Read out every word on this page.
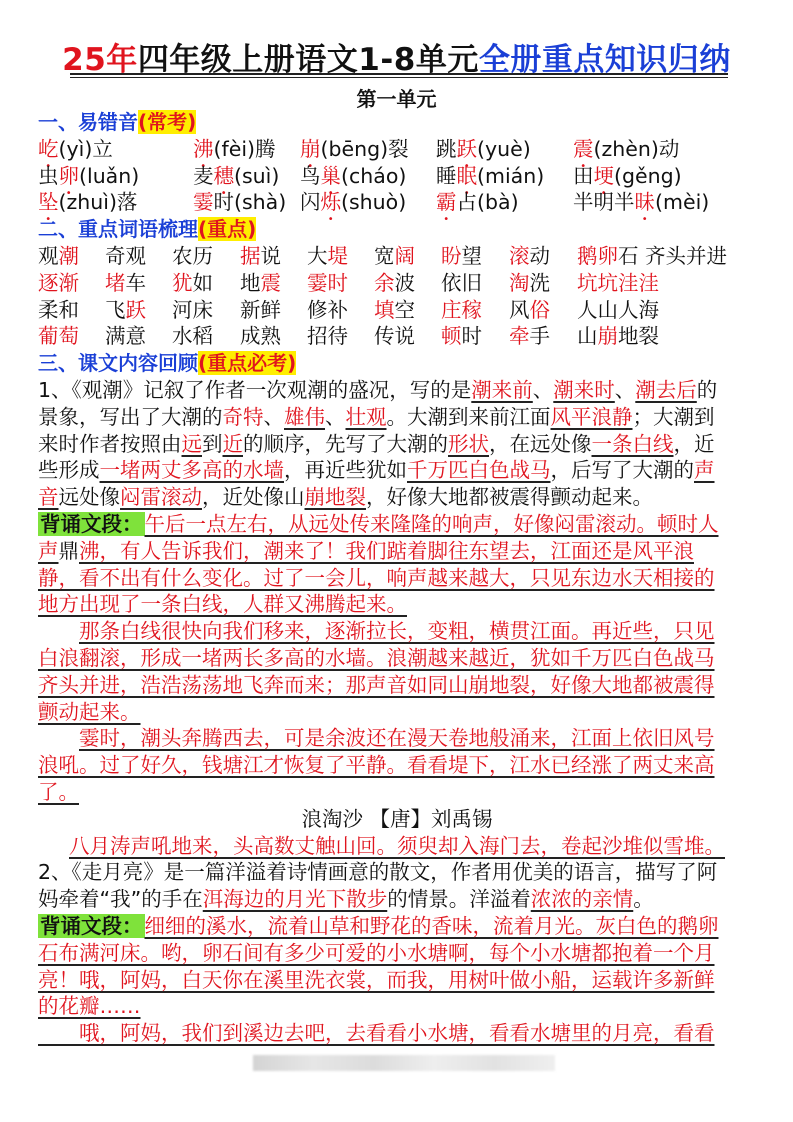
25年四年级上册语文1-8单元全册重点知识归纳
第一单元
一、易错音(常考)
屹(yì)立	沸(fèi)腾 崩(bēng)裂 跳跃(yuè) 震(zhèn)动
虫卵(luǎn)	麦穗(suì) 鸟巢(cháo) 睡眠(mián) 田埂(gěng)
坠(zhuì)落	霎时(shà) 闪烁(shuò) 霸占(bà)	半明半昧(mèi)
二、重点词语梳理(重点)
观潮 奇观 农历 据说 大堤 宽阔 盼望 滚动 鹅卵石 齐头并进
逐渐 堵车 犹如 地震 霎时 余波 依旧 淘洗 坑坑洼洼
柔和 飞跃 河床 新鲜 修补 填空 庄稼 风俗 人山人海
葡萄 满意 水稻 成熟 招待 传说 顿时 牵手 山崩地裂
三、课文内容回顾(重点必考)
1、《观潮》记叙了作者一次观潮的盛况，写的是潮来前、潮来时、潮去后的
景象，写出了大潮的奇特、雄伟、壮观。大潮到来前江面风平浪静；大潮到
来时作者按照由远到近的顺序，先写了大潮的形状，在远处像一条白线，近
些形成一堵两丈多高的水墙，再近些犹如千万匹白色战马，后写了大潮的声
音远处像闷雷滚动，近处像山崩地裂，好像大地都被震得颤动起来。
背诵文段：午后一点左右，从远处传来隆隆的响声，好像闷雷滚动。顿时人
声鼎沸，有人告诉我们，潮来了！我们踮着脚往东望去，江面还是风平浪
静，看不出有什么变化。过了一会儿，响声越来越大，只见东边水天相接的
地方出现了一条白线，人群又沸腾起来。
　　那条白线很快向我们移来，逐渐拉长，变粗，横贯江面。再近些，只见
白浪翻滚，形成一堵两长多高的水墙。浪潮越来越近，犹如千万匹白色战马
齐头并进，浩浩荡荡地飞奔而来；那声音如同山崩地裂，好像大地都被震得
颤动起来。
　　霎时，潮头奔腾西去，可是余波还在漫天卷地般涌来，江面上依旧风号
浪吼。过了好久，钱塘江才恢复了平静。看看堤下，江水已经涨了两丈来高
了。
浪淘沙 【唐】刘禹锡
八月涛声吼地来，头高数丈触山回。须臾却入海门去，卷起沙堆似雪堆。
2、《走月亮》是一篇洋溢着诗情画意的散文，作者用优美的语言，描写了阿
妈牵着“我”的手在洱海边的月光下散步的情景。洋溢着浓浓的亲情。
背诵文段：细细的溪水，流着山草和野花的香味，流着月光。灰白色的鹅卵
石布满河床。哟，卵石间有多少可爱的小水塘啊，每个小水塘都抱着一个月
亮！哦，阿妈，白天你在溪里洗衣裳，而我，用树叶做小船，运载许多新鲜
的花瓣……
　　哦，阿妈，我们到溪边去吧，去看看小水塘，看看水塘里的月亮，看看
